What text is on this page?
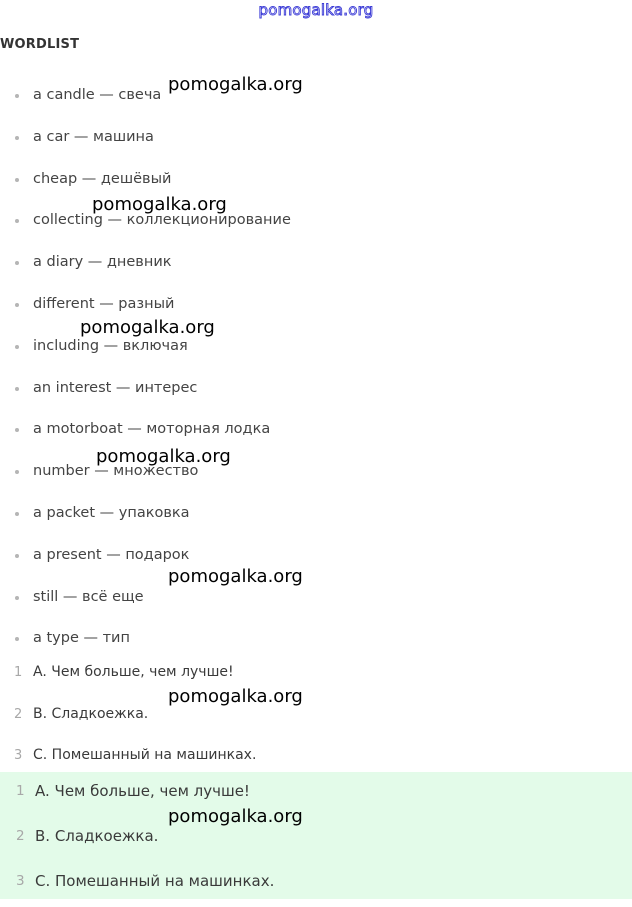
pomogalka.org
WORDLIST
a candle — свеча
a car — машина
cheap — дешёвый
collecting — коллекционирование
a diary — дневник
different — разный
including — включая
an interest — интерес
a motorboat — моторная лодка
number — множество
a packet — упаковка
a present — подарок
still — всё еще
a type — тип
1 A. Чем больше, чем лучше!
2 B. Сладкоежка.
3 C. Помешанный на машинках.
1 A. Чем больше, чем лучше!
2 B. Сладкоежка.
3 C. Помешанный на машинках.
pomogalka.org
pomogalka.org
pomogalka.org
pomogalka.org
pomogalka.org
pomogalka.org
pomogalka.org
